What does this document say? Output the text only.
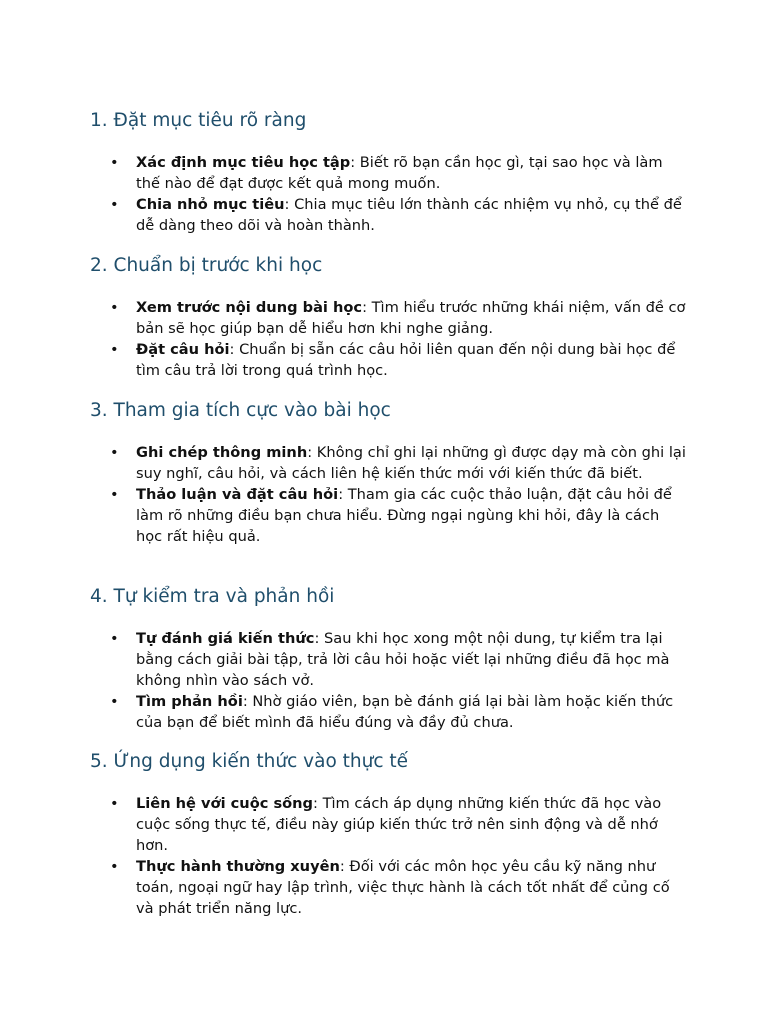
1. Đặt mục tiêu rõ ràng
• Xác định mục tiêu học tập: Biết rõ bạn cần học gì, tại sao học và làm thế nào để đạt được kết quả mong muốn.
• Chia nhỏ mục tiêu: Chia mục tiêu lớn thành các nhiệm vụ nhỏ, cụ thể để dễ dàng theo dõi và hoàn thành.
2. Chuẩn bị trước khi học
• Xem trước nội dung bài học: Tìm hiểu trước những khái niệm, vấn đề cơ bản sẽ học giúp bạn dễ hiểu hơn khi nghe giảng.
• Đặt câu hỏi: Chuẩn bị sẵn các câu hỏi liên quan đến nội dung bài học để tìm câu trả lời trong quá trình học.
3. Tham gia tích cực vào bài học
• Ghi chép thông minh: Không chỉ ghi lại những gì được dạy mà còn ghi lại suy nghĩ, câu hỏi, và cách liên hệ kiến thức mới với kiến thức đã biết.
• Thảo luận và đặt câu hỏi: Tham gia các cuộc thảo luận, đặt câu hỏi để làm rõ những điều bạn chưa hiểu. Đừng ngại ngùng khi hỏi, đây là cách học rất hiệu quả.
4. Tự kiểm tra và phản hồi
• Tự đánh giá kiến thức: Sau khi học xong một nội dung, tự kiểm tra lại bằng cách giải bài tập, trả lời câu hỏi hoặc viết lại những điều đã học mà không nhìn vào sách vở.
• Tìm phản hồi: Nhờ giáo viên, bạn bè đánh giá lại bài làm hoặc kiến thức của bạn để biết mình đã hiểu đúng và đầy đủ chưa.
5. Ứng dụng kiến thức vào thực tế
• Liên hệ với cuộc sống: Tìm cách áp dụng những kiến thức đã học vào cuộc sống thực tế, điều này giúp kiến thức trở nên sinh động và dễ nhớ hơn.
• Thực hành thường xuyên: Đối với các môn học yêu cầu kỹ năng như toán, ngoại ngữ hay lập trình, việc thực hành là cách tốt nhất để củng cố và phát triển năng lực.
